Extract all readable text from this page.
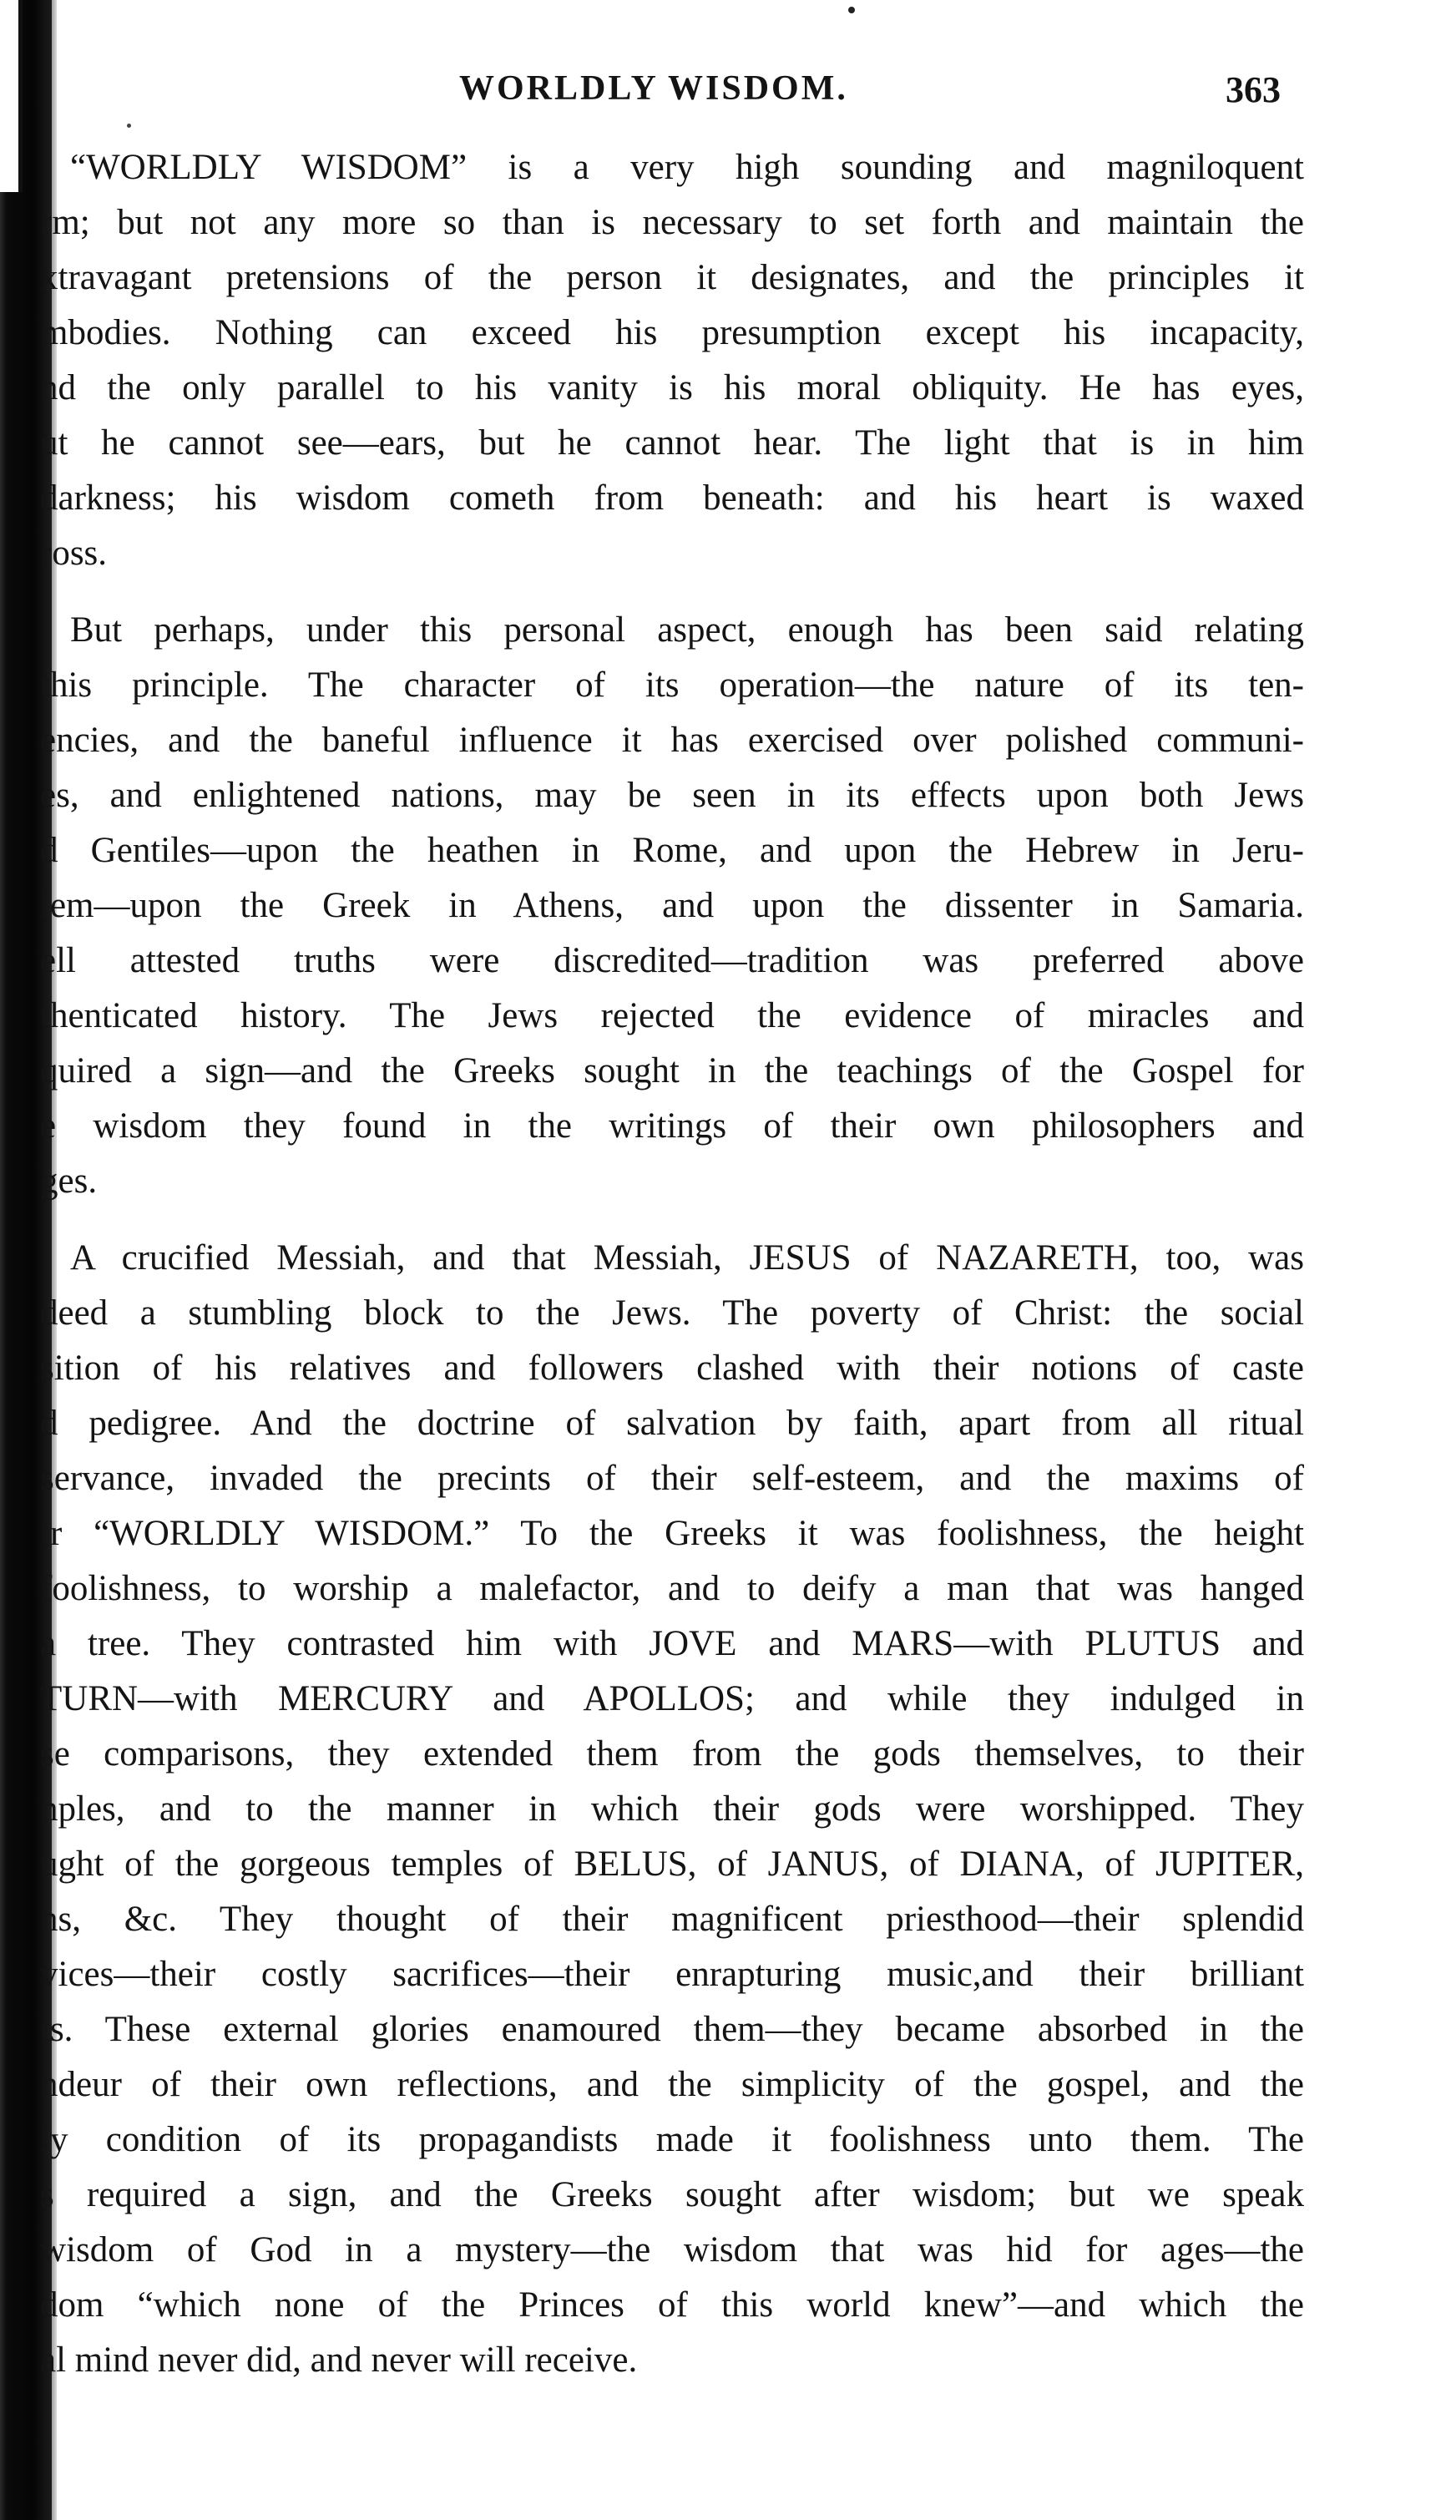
WORLDLY WISDOM.	363

“WORLDLY WISDOM” is a very high sounding and magniloquent
rm; but not any more so than is necessary to set forth and maintain the
xtravagant pretensions of the person it designates, and the principles it
mbodies. Nothing can exceed his presumption except his incapacity,
nd the only parallel to his vanity is his moral obliquity. He has eyes,
ut he cannot see—ears, but he cannot hear. The light that is in him
darkness; his wisdom cometh from beneath: and his heart is waxed
ross.

But perhaps, under this personal aspect, enough has been said relating
this principle. The character of its operation—the nature of its ten-
encies, and the baneful influence it has exercised over polished communi-
es, and enlightened nations, may be seen in its effects upon both Jews
d Gentiles—upon the heathen in Rome, and upon the Hebrew in Jeru-
lem—upon the Greek in Athens, and upon the dissenter in Samaria.
ell attested truths were discredited—tradition was preferred above
thenticated history. The Jews rejected the evidence of miracles and
quired a sign—and the Greeks sought in the teachings of the Gospel for
e wisdom they found in the writings of their own philosophers and
ges.

A crucified Messiah, and that Messiah, JESUS of NAZARETH, too, was
deed a stumbling block to the Jews. The poverty of Christ: the social
sition of his relatives and followers clashed with their notions of caste
d pedigree. And the doctrine of salvation by faith, apart from all ritual
servance, invaded the precints of their self-esteem, and the maxims of
ir “WORLDLY WISDOM.” To the Greeks it was foolishness, the height
foolishness, to worship a malefactor, and to deify a man that was hanged
a tree. They contrasted him with JOVE and MARS—with PLUTUS and
TURN—with MERCURY and APOLLOS; and while they indulged in
se comparisons, they extended them from the gods themselves, to their
nples, and to the manner in which their gods were worshipped. They
ught of the gorgeous temples of BELUS, of JANUS, of DIANA, of JUPITER,
ns, &c. They thought of their magnificent priesthood—their splendid
vices—their costly sacrifices—their enrapturing music,and their brilliant
ts. These external glories enamoured them—they became absorbed in the
ndeur of their own reflections, and the simplicity of the gospel, and the
ly condition of its propagandists made it foolishness unto them. The
s required a sign, and the Greeks sought after wisdom; but we speak
wisdom of God in a mystery—the wisdom that was hid for ages—the
dom “which none of the Princes of this world knew”—and which the
al mind never did, and never will receive.
